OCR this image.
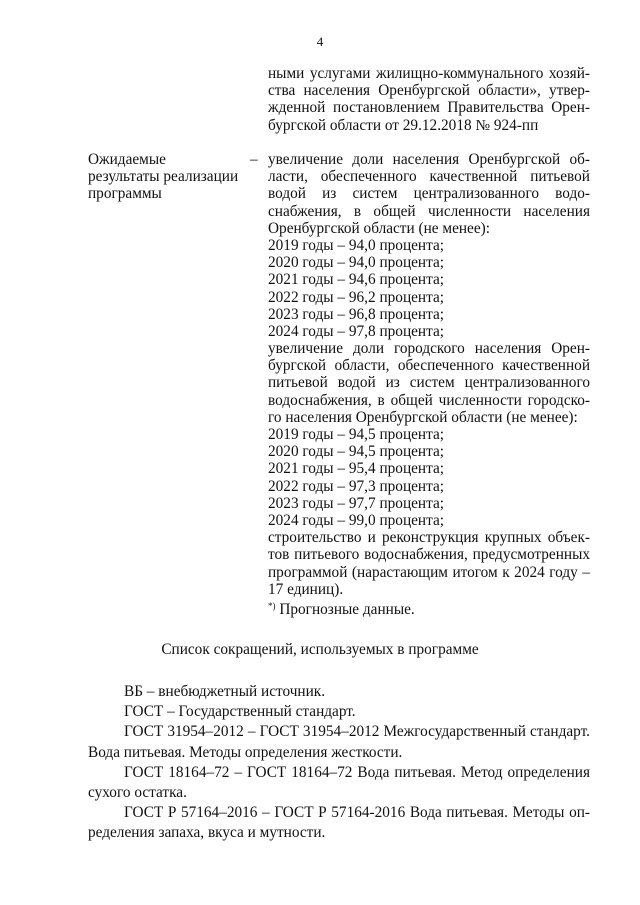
4
ными услугами жилищно-коммунального хозяй-
ства населения Оренбургской области», утвер-
жденной постановлением Правительства Орен-
бургской области от 29.12.2018 № 924-пп
Ожидаемые
результаты реализации
программы
– увеличение доли населения Оренбургской об-
ласти, обеспеченного качественной питьевой
водой из систем централизованного водо-
снабжения, в общей численности населения
Оренбургской области (не менее):
2019 годы – 94,0 процента;
2020 годы – 94,0 процента;
2021 годы – 94,6 процента;
2022 годы – 96,2 процента;
2023 годы – 96,8 процента;
2024 годы – 97,8 процента;
увеличение доли городского населения Орен-
бургской области, обеспеченного качественной
питьевой водой из систем централизованного
водоснабжения, в общей численности городско-
го населения Оренбургской области (не менее):
2019 годы – 94,5 процента;
2020 годы – 94,5 процента;
2021 годы – 95,4 процента;
2022 годы – 97,3 процента;
2023 годы – 97,7 процента;
2024 годы – 99,0 процента;
строительство и реконструкция крупных объек-
тов питьевого водоснабжения, предусмотренных
программой (нарастающим итогом к 2024 году –
17 единиц).
*) Прогнозные данные.
Список сокращений, используемых в программе
ВБ – внебюджетный источник.
ГОСТ – Государственный стандарт.
ГОСТ 31954–2012 – ГОСТ 31954–2012 Межгосударственный стандарт.
Вода питьевая. Методы определения жесткости.
ГОСТ 18164–72 – ГОСТ 18164–72 Вода питьевая. Метод определения
сухого остатка.
ГОСТ Р 57164–2016 – ГОСТ Р 57164-2016 Вода питьевая. Методы оп-
ределения запаха, вкуса и мутности.
